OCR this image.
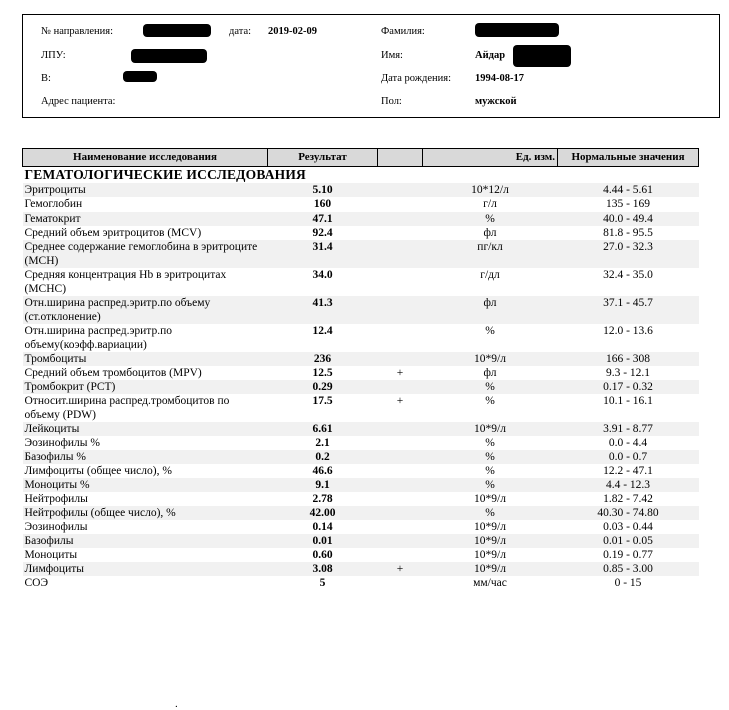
№ направления:	дата: 2019-02-09	Фамилия:
ЛПУ:	Имя:	Айдар
В:	Дата рождения: 1994-08-17
Адрес пациента:	Пол:	мужской
Наименование исследования	Результат		Ед. изм.	Нормальные значения
ГЕМАТОЛОГИЧЕСКИЕ ИССЛЕДОВАНИЯ				
Эритроциты	5.10		10*12/л	4.44 - 5.61
Гемоглобин	160		г/л	135 - 169
Гематокрит	47.1		%	40.0 - 49.4
Средний объем эритроцитов (MCV)	92.4		фл	81.8 - 95.5
Среднее содержание гемоглобина в эритроците (MCH)	31.4		пг/кл	27.0 - 32.3
Средняя концентрация Hb в эритроцитах (MCHC)	34.0		г/дл	32.4 - 35.0
Отн.ширина распред.эритр.по объему (ст.отклонение)	41.3		фл	37.1 - 45.7
Отн.ширина распред.эритр.по объему(коэфф.вариации)	12.4		%	12.0 - 13.6
Тромбоциты	236		10*9/л	166 - 308
Средний объем тромбоцитов (MPV)	12.5	+	фл	9.3 - 12.1
Тромбокрит (PCT)	0.29		%	0.17 - 0.32
Относит.ширина распред.тромбоцитов по объему (PDW)	17.5	+	%	10.1 - 16.1
Лейкоциты	6.61		10*9/л	3.91 - 8.77
Эозинофилы %	2.1		%	0.0 - 4.4
Базофилы %	0.2		%	0.0 - 0.7
Лимфоциты (общее число), %	46.6		%	12.2 - 47.1
Моноциты %	9.1		%	4.4 - 12.3
Нейтрофилы	2.78		10*9/л	1.82 - 7.42
Нейтрофилы (общее число), %	42.00		%	40.30 - 74.80
Эозинофилы	0.14		10*9/л	0.03 - 0.44
Базофилы	0.01		10*9/л	0.01 - 0.05
Моноциты	0.60		10*9/л	0.19 - 0.77
Лимфоциты	3.08	+	10*9/л	0.85 - 3.00
СОЭ	5		мм/час	0 - 15
.
